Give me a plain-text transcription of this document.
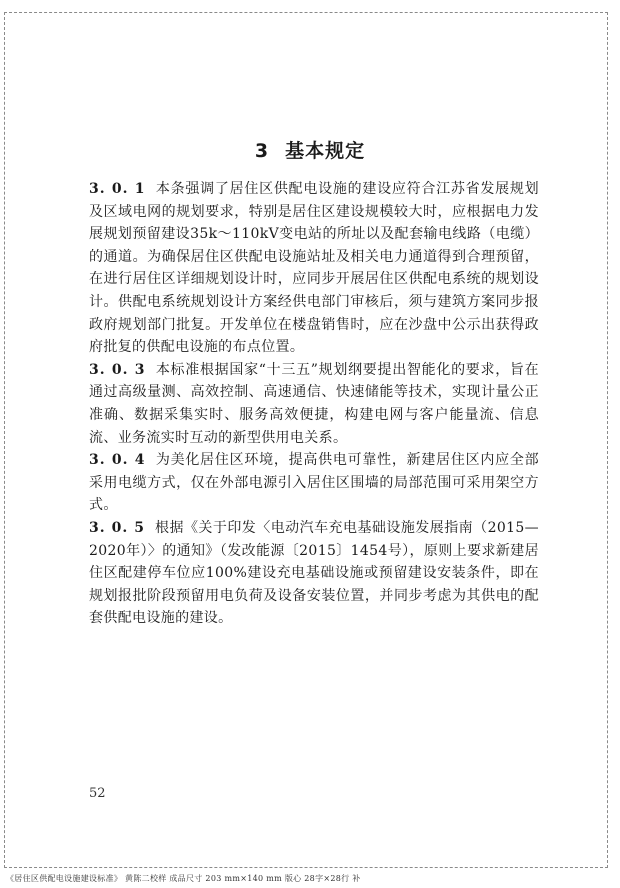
3 基本规定

3. 0. 1 本条强调了居住区供配电设施的建设应符合江苏省发展规划及区域电网的规划要求，特别是居住区建设规模较大时，应根据电力发展规划预留建设35k～110kV变电站的所址以及配套输电线路（电缆）的通道。为确保居住区供配电设施站址及相关电力通道得到合理预留，在进行居住区详细规划设计时，应同步开展居住区供配电系统的规划设计。供配电系统规划设计方案经供电部门审核后，须与建筑方案同步报政府规划部门批复。开发单位在楼盘销售时，应在沙盘中公示出获得政府批复的供配电设施的布点位置。

3. 0. 3 本标准根据国家“十三五”规划纲要提出智能化的要求，旨在通过高级量测、高效控制、高速通信、快速储能等技术，实现计量公正准确、数据采集实时、服务高效便捷，构建电网与客户能量流、信息流、业务流实时互动的新型供用电关系。

3. 0. 4 为美化居住区环境，提高供电可靠性，新建居住区内应全部采用电缆方式，仅在外部电源引入居住区围墙的局部范围可采用架空方式。

3. 0. 5 根据《关于印发〈电动汽车充电基础设施发展指南（2015—2020年）〉的通知》（发改能源〔2015〕1454号），原则上要求新建居住区配建停车位应100%建设充电基础设施或预留建设安装条件，即在规划报批阶段预留用电负荷及设备安装位置，并同步考虑为其供电的配套供配电设施的建设。

52
《居住区供配电设施建设标准》 黄陈二校样 成品尺寸 203 mm×140 mm 版心 28字×28行 补
